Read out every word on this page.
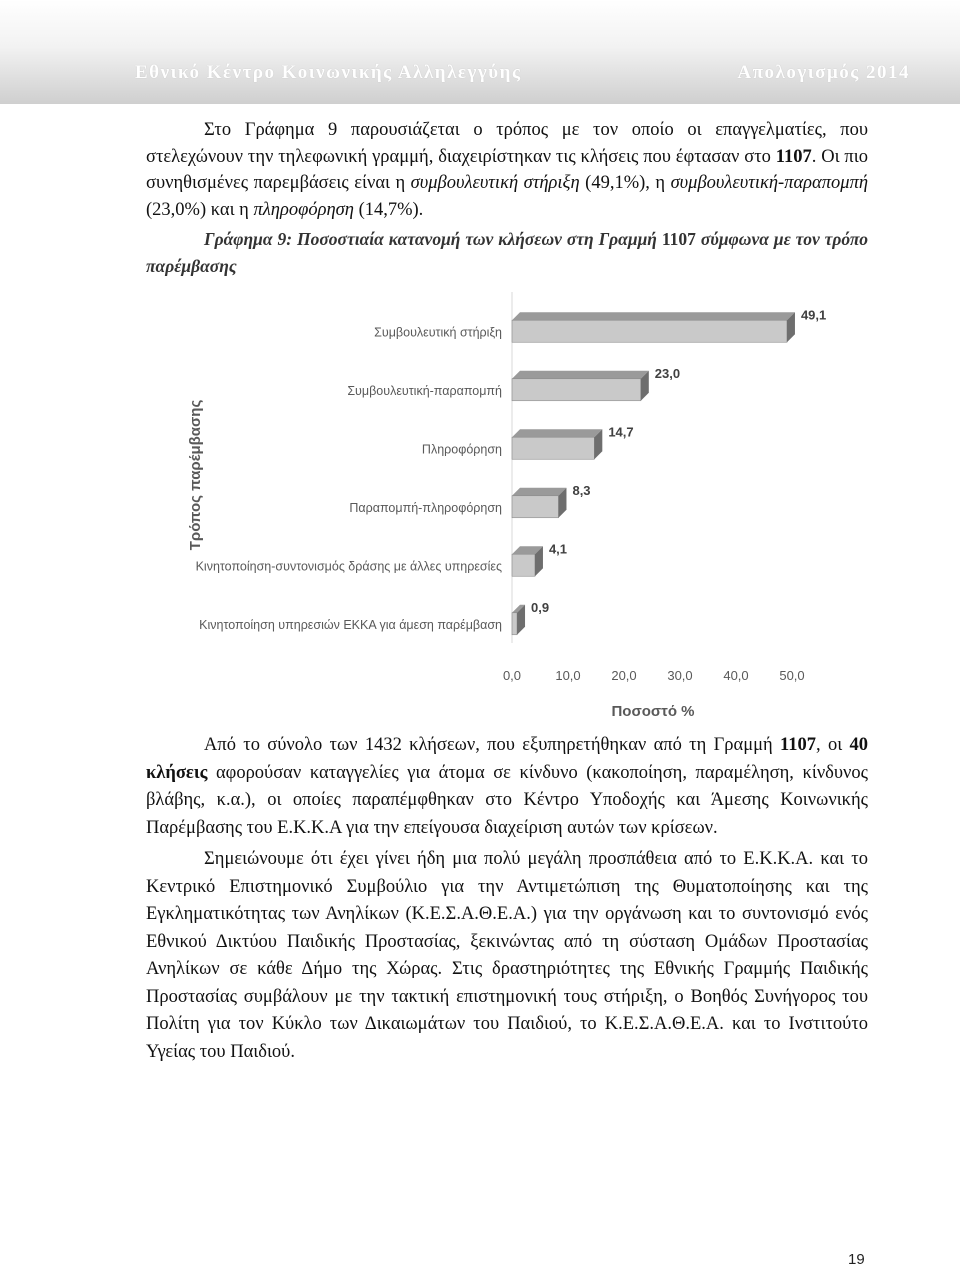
Εθνικό Κέντρο Κοινωνικής Αλληλεγγύης	Απολογισμός 2014

Στο Γράφημα 9 παρουσιάζεται ο τρόπος με τον οποίο οι επαγγελματίες, που στελεχώνουν την τηλεφωνική γραμμή, διαχειρίστηκαν τις κλήσεις που έφτασαν στο 1107. Οι πιο συνηθισμένες παρεμβάσεις είναι η συμβουλευτική στήριξη (49,1%), η συμβουλευτική-παραπομπή (23,0%) και η πληροφόρηση (14,7%).

Γράφημα 9: Ποσοστιαία κατανομή των κλήσεων στη Γραμμή 1107 σύμφωνα με τον τρόπο παρέμβασης

0,0	10,0 20,0 30,0 40,0 50,0
Συμβουλευτική στήριξη
49,1
Συμβουλευτική-παραπομπή
23,0
Πληροφόρηση
14,7
Παραπομπή-πληροφόρηση
8,3
Κινητοποίηση-συντονισμός δράσης με άλλες υπηρεσίες
4,1
Κινητοποίηση υπηρεσιών ΕΚΚΑ για άμεση παρέμβαση
0,9
Τρόπος παρέμβασης
Ποσοστό %

Από το σύνολο των 1432 κλήσεων, που εξυπηρετήθηκαν από τη Γραμμή 1107, οι 40 κλήσεις αφορούσαν καταγγελίες για άτομα σε κίνδυνο (κακοποίηση, παραμέληση, κίνδυνος βλάβης, κ.α.), οι οποίες παραπέμφθηκαν στο Κέντρο Υποδοχής και Άμεσης Κοινωνικής Παρέμβασης του Ε.Κ.Κ.Α για την επείγουσα διαχείριση αυτών των κρίσεων.

Σημειώνουμε ότι έχει γίνει ήδη μια πολύ μεγάλη προσπάθεια από το Ε.Κ.Κ.Α. και το Κεντρικό Επιστημονικό Συμβούλιο για την Αντιμετώπιση της Θυματοποίησης και της Εγκληματικότητας των Ανηλίκων (Κ.Ε.Σ.Α.Θ.Ε.Α.) για την οργάνωση και το συντονισμό ενός Εθνικού Δικτύου Παιδικής Προστασίας, ξεκινώντας από τη σύσταση Ομάδων Προστασίας Ανηλίκων σε κάθε Δήμο της Χώρας. Στις δραστηριότητες της Εθνικής Γραμμής Παιδικής Προστασίας συμβάλουν με την τακτική επιστημονική τους στήριξη, ο Βοηθός Συνήγορος του Πολίτη για τον Κύκλο των Δικαιωμάτων του Παιδιού, το Κ.Ε.Σ.Α.Θ.Ε.Α. και το Ινστιτούτο Υγείας του Παιδιού.

19
